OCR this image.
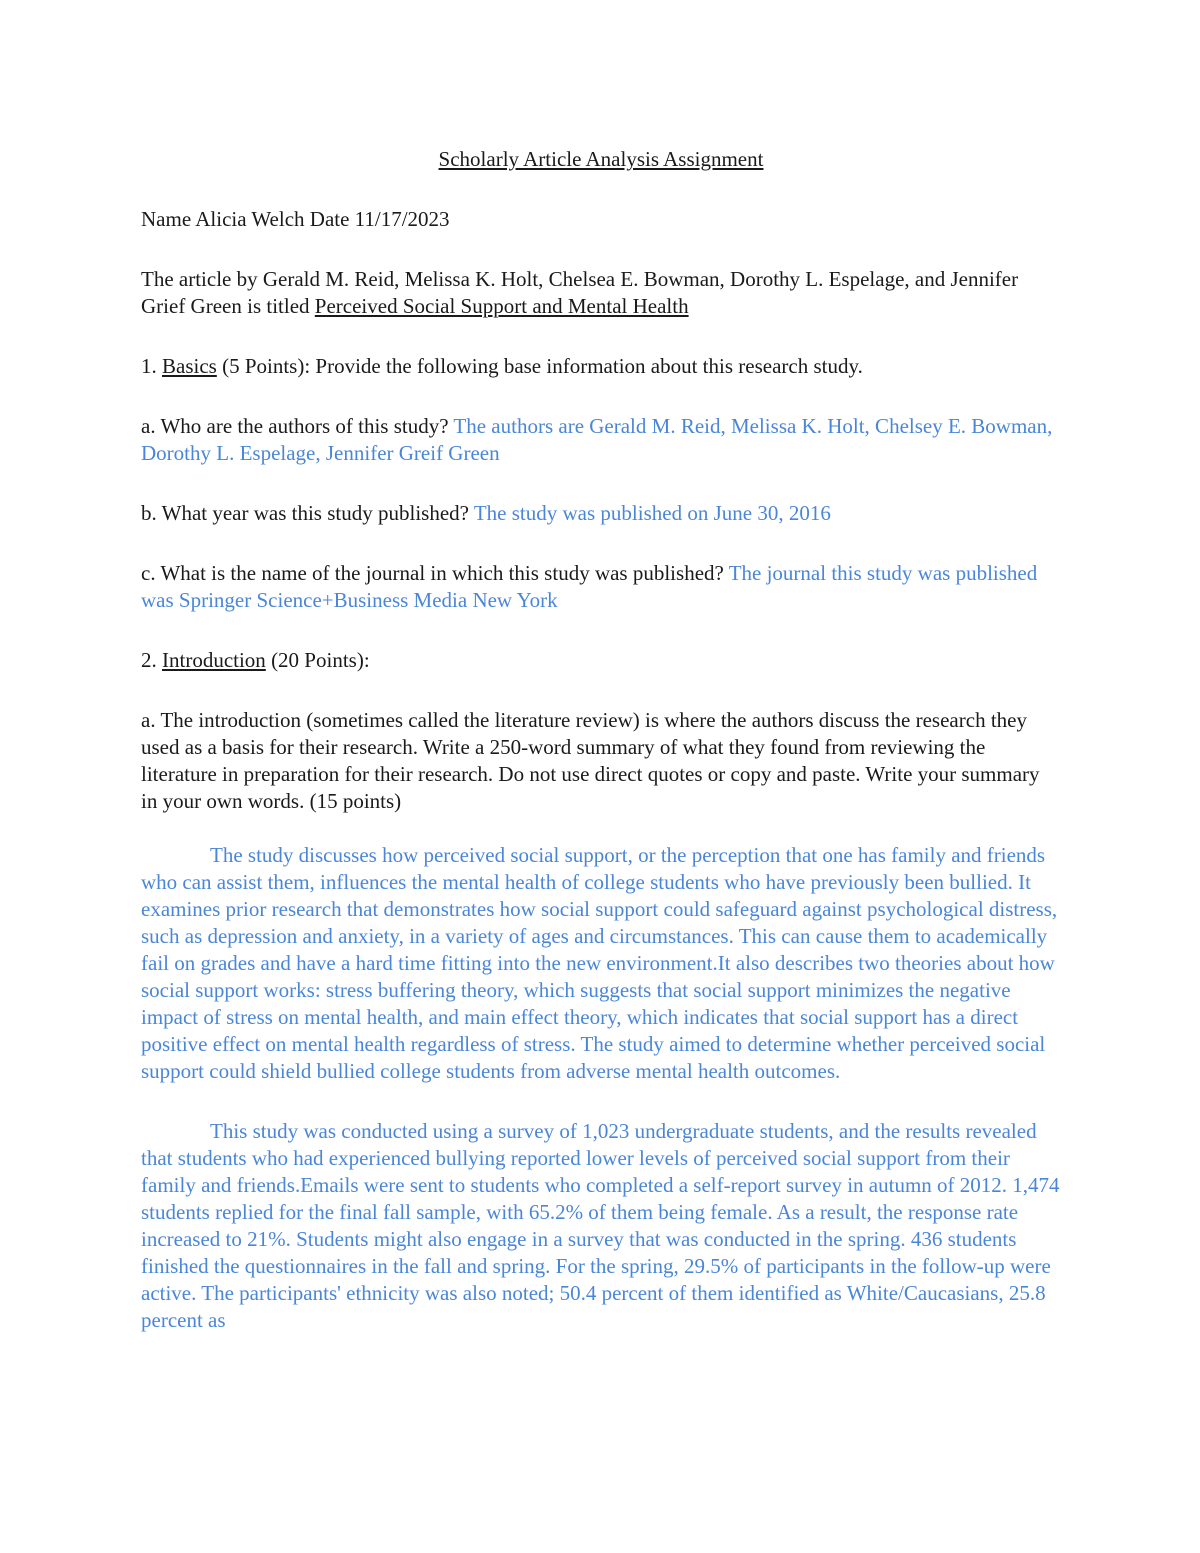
Scholarly Article Analysis Assignment

Name Alicia Welch Date 11/17/2023

The article by Gerald M. Reid, Melissa K. Holt, Chelsea E. Bowman, Dorothy L. Espelage, and Jennifer Grief Green is titled Perceived Social Support and Mental Health

1. Basics (5 Points): Provide the following base information about this research study.

a. Who are the authors of this study? The authors are Gerald M. Reid, Melissa K. Holt, Chelsey E. Bowman, Dorothy L. Espelage, Jennifer Greif Green

b. What year was this study published? The study was published on June 30, 2016

c. What is the name of the journal in which this study was published? The journal this study was published was Springer Science+Business Media New York

2. Introduction (20 Points):

a. The introduction (sometimes called the literature review) is where the authors discuss the research they used as a basis for their research. Write a 250-word summary of what they found from reviewing the literature in preparation for their research. Do not use direct quotes or copy and paste. Write your summary in your own words. (15 points)

The study discusses how perceived social support, or the perception that one has family and friends who can assist them, influences the mental health of college students who have previously been bullied. It examines prior research that demonstrates how social support could safeguard against psychological distress, such as depression and anxiety, in a variety of ages and circumstances. This can cause them to academically fail on grades and have a hard time fitting into the new environment.It also describes two theories about how social support works: stress buffering theory, which suggests that social support minimizes the negative impact of stress on mental health, and main effect theory, which indicates that social support has a direct positive effect on mental health regardless of stress. The study aimed to determine whether perceived social support could shield bullied college students from adverse mental health outcomes.

This study was conducted using a survey of 1,023 undergraduate students, and the results revealed that students who had experienced bullying reported lower levels of perceived social support from their family and friends.Emails were sent to students who completed a self-report survey in autumn of 2012. 1,474 students replied for the final fall sample, with 65.2% of them being female. As a result, the response rate increased to 21%. Students might also engage in a survey that was conducted in the spring. 436 students finished the questionnaires in the fall and spring. For the spring, 29.5% of participants in the follow-up were active. The participants' ethnicity was also noted; 50.4 percent of them identified as White/Caucasians, 25.8 percent as
